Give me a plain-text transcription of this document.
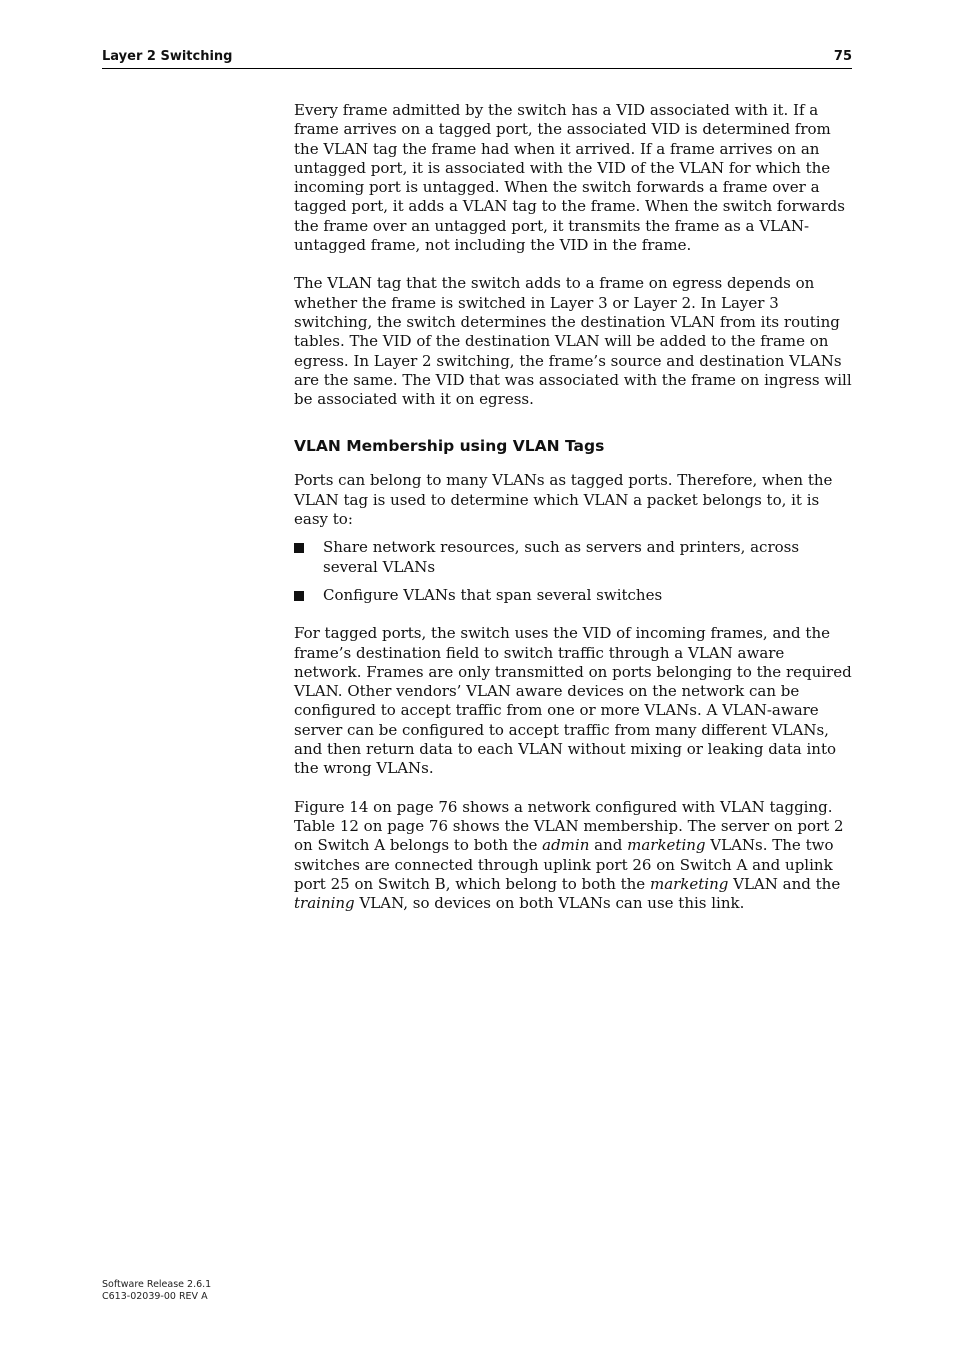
Layer 2 Switching	75

Every frame admitted by the switch has a VID associated with it. If a frame arrives on a tagged port, the associated VID is determined from the VLAN tag the frame had when it arrived. If a frame arrives on an untagged port, it is associated with the VID of the VLAN for which the incoming port is untagged. When the switch forwards a frame over a tagged port, it adds a VLAN tag to the frame. When the switch forwards the frame over an untagged port, it transmits the frame as a VLAN-untagged frame, not including the VID in the frame.

The VLAN tag that the switch adds to a frame on egress depends on whether the frame is switched in Layer 3 or Layer 2. In Layer 3 switching, the switch determines the destination VLAN from its routing tables. The VID of the destination VLAN will be added to the frame on egress. In Layer 2 switching, the frame’s source and destination VLANs are the same. The VID that was associated with the frame on ingress will be associated with it on egress.

VLAN Membership using VLAN Tags

Ports can belong to many VLANs as tagged ports. Therefore, when the VLAN tag is used to determine which VLAN a packet belongs to, it is easy to:

Share network resources, such as servers and printers, across several VLANs
Configure VLANs that span several switches

For tagged ports, the switch uses the VID of incoming frames, and the frame’s destination field to switch traffic through a VLAN aware network. Frames are only transmitted on ports belonging to the required VLAN. Other vendors’ VLAN aware devices on the network can be configured to accept traffic from one or more VLANs. A VLAN-aware server can be configured to accept traffic from many different VLANs, and then return data to each VLAN without mixing or leaking data into the wrong VLANs.

Figure 14 on page 76 shows a network configured with VLAN tagging. Table 12 on page 76 shows the VLAN membership. The server on port 2 on Switch A belongs to both the admin and marketing VLANs. The two switches are connected through uplink port 26 on Switch A and uplink port 25 on Switch B, which belong to both the marketing VLAN and the training VLAN, so devices on both VLANs can use this link.

Software Release 2.6.1
C613-02039-00 REV A
